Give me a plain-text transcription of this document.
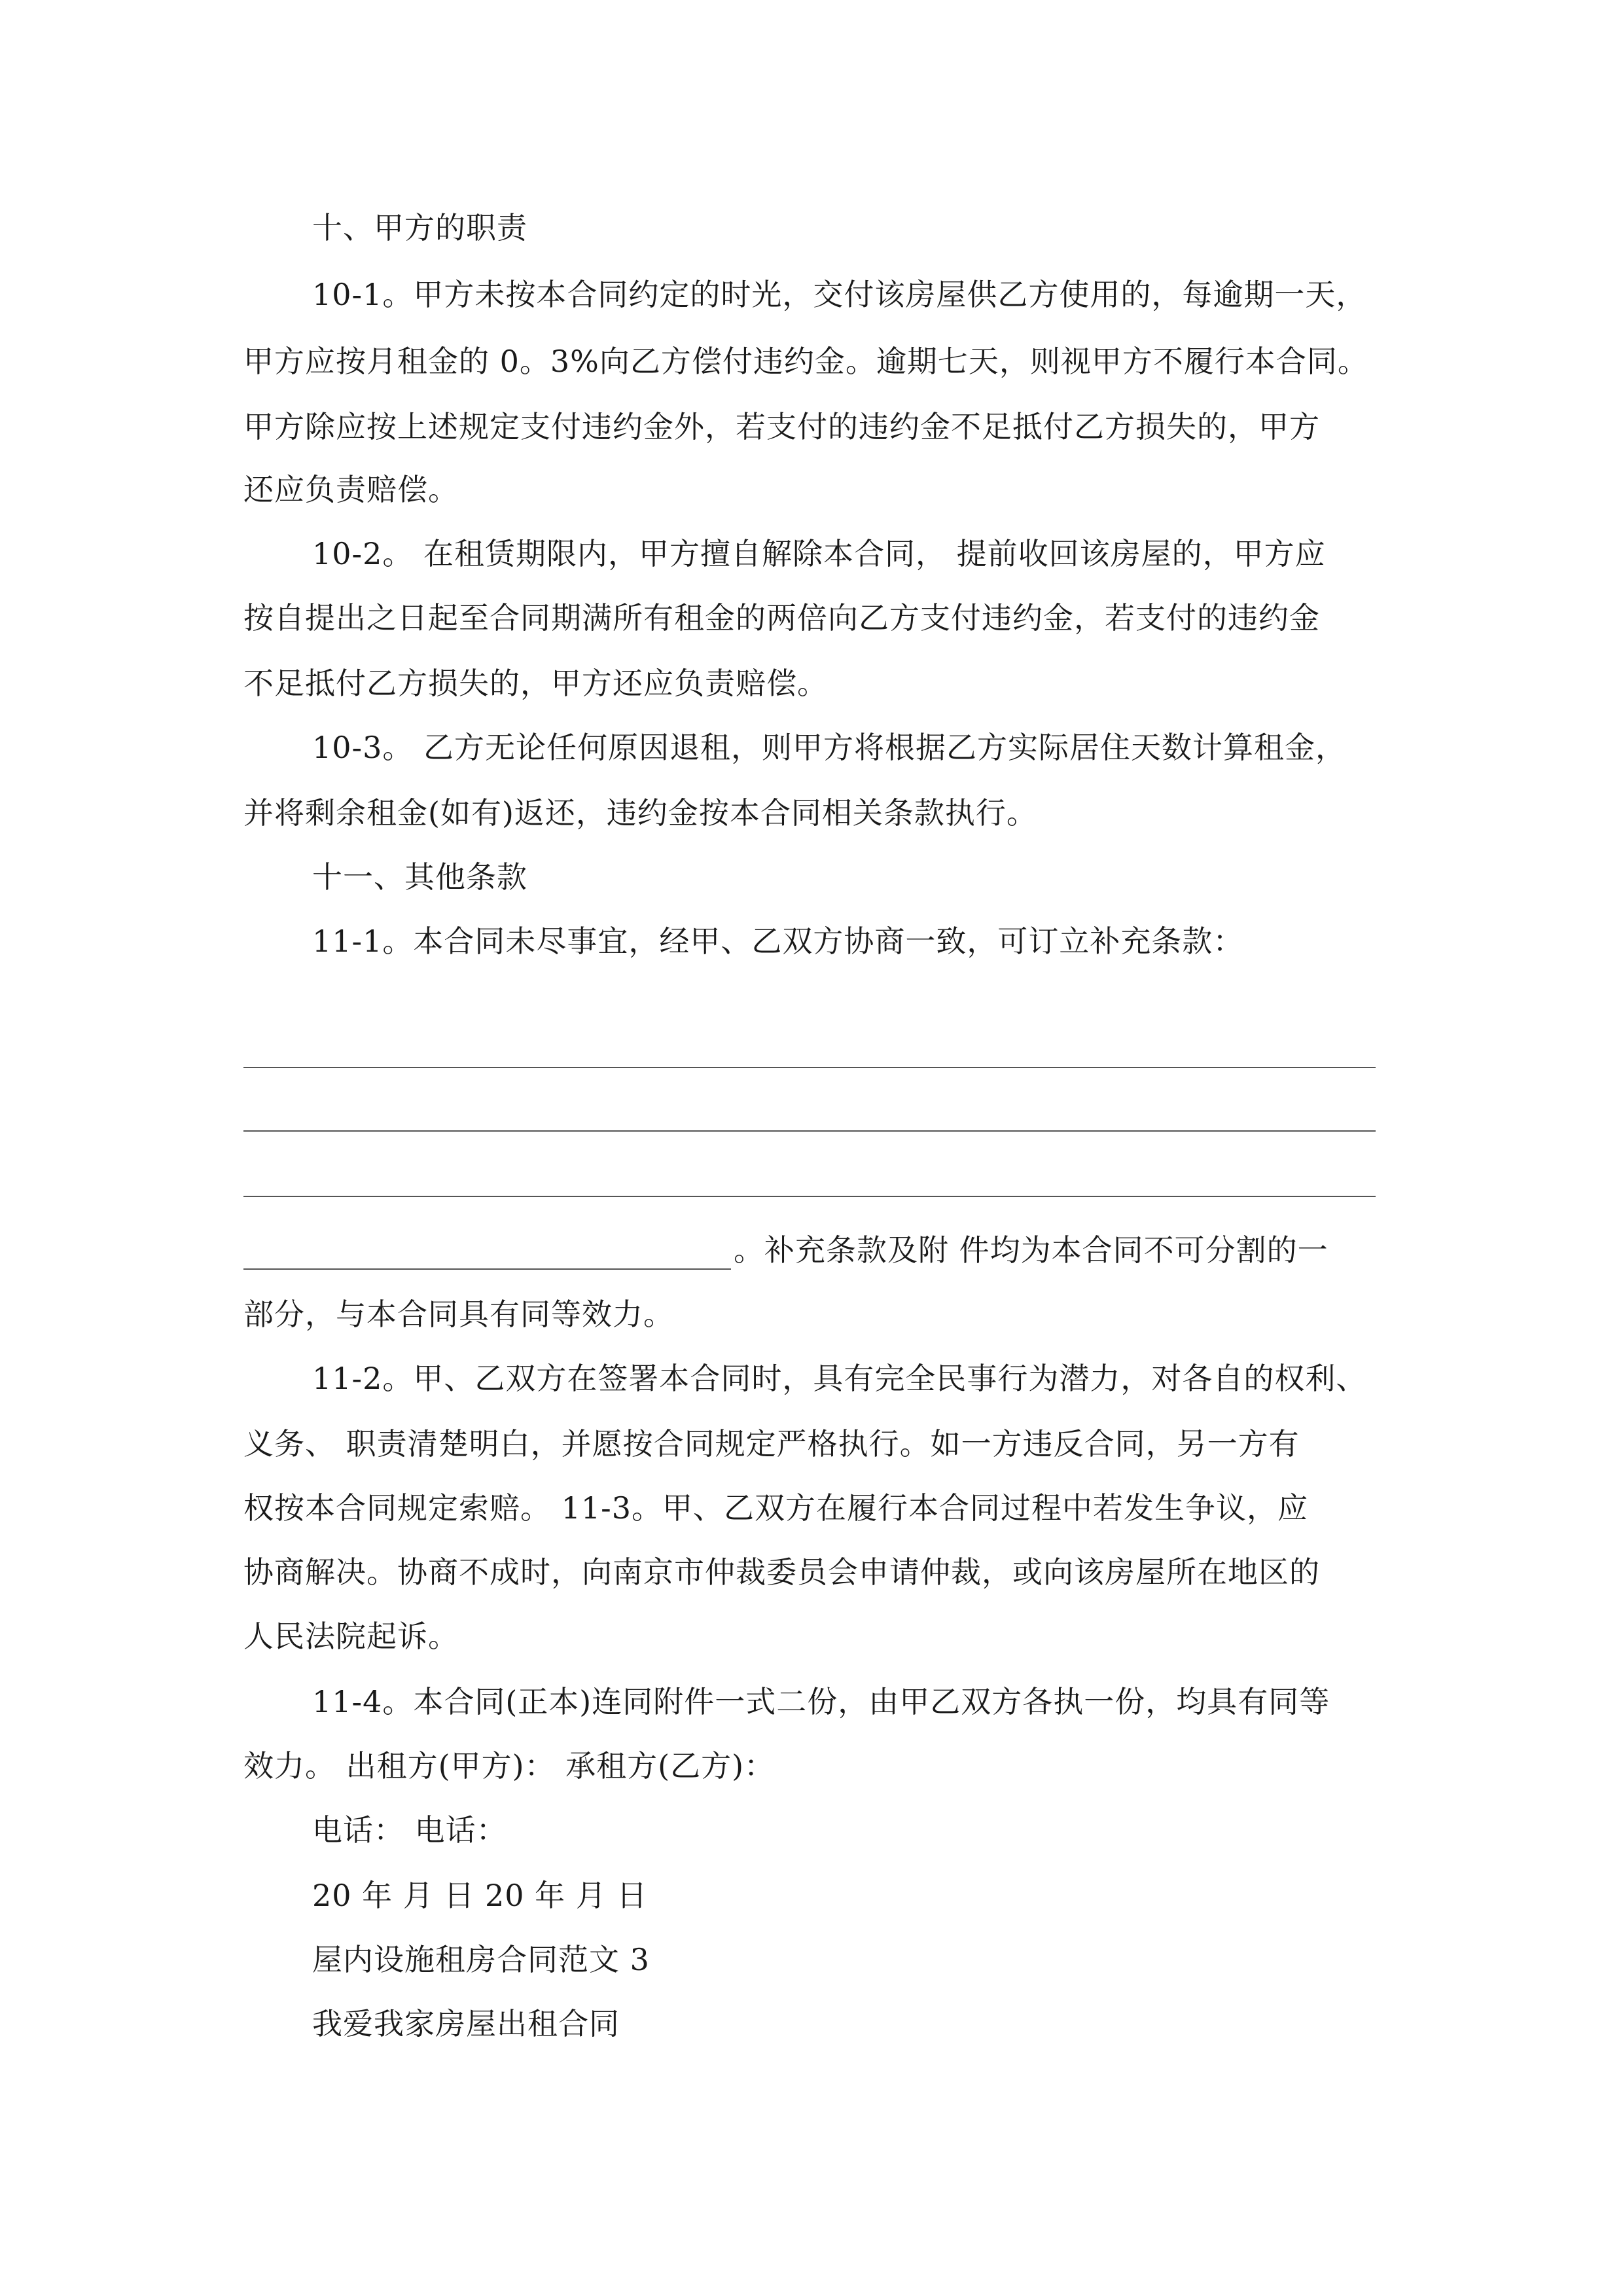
十、甲方的职责
10-1。甲方未按本合同约定的时光，交付该房屋供乙方使用的，每逾期一天，
甲方应按月租金的 0。3%向乙方偿付违约金。逾期七天，则视甲方不履行本合同。
甲方除应按上述规定支付违约金外，若支付的违约金不足抵付乙方损失的，甲方
还应负责赔偿。
10-2。 在租赁期限内，甲方擅自解除本合同， 提前收回该房屋的，甲方应
按自提出之日起至合同期满所有租金的两倍向乙方支付违约金，若支付的违约金
不足抵付乙方损失的，甲方还应负责赔偿。
10-3。 乙方无论任何原因退租，则甲方将根据乙方实际居住天数计算租金，
并将剩余租金(如有)返还，违约金按本合同相关条款执行。
十一、其他条款
11-1。本合同未尽事宜，经甲、乙双方协商一致，可订立补充条款：
。补充条款及附 件均为本合同不可分割的一
部分，与本合同具有同等效力。
11-2。甲、乙双方在签署本合同时，具有完全民事行为潜力，对各自的权利、
义务、 职责清楚明白，并愿按合同规定严格执行。如一方违反合同，另一方有
权按本合同规定索赔。 11-3。甲、乙双方在履行本合同过程中若发生争议，应
协商解决。协商不成时，向南京市仲裁委员会申请仲裁，或向该房屋所在地区的
人民法院起诉。
11-4。本合同(正本)连同附件一式二份，由甲乙双方各执一份，均具有同等
效力。 出租方(甲方)： 承租方(乙方)：
电话： 电话：
20 年 月 日 20 年 月 日
屋内设施租房合同范文 3
我爱我家房屋出租合同
